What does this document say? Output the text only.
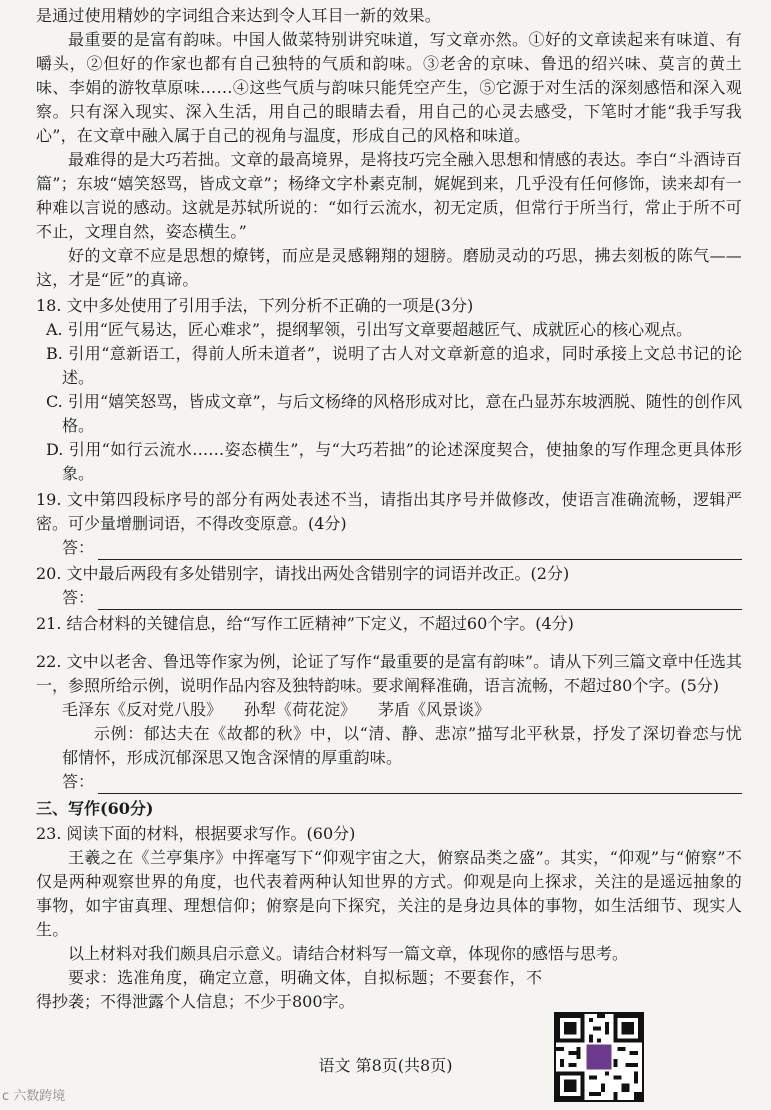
是通过使用精妙的字词组合来达到令人耳目一新的效果。

最重要的是富有韵味。中国人做菜特别讲究味道，写文章亦然。①好的文章读起来有味道、有嚼头，②但好的作家也都有自己独特的气质和韵味。③老舍的京味、鲁迅的绍兴味、莫言的黄土味、李娟的游牧草原味……④这些气质与韵味只能凭空产生，⑤它源于对生活的深刻感悟和深入观察。只有深入现实、深入生活，用自己的眼睛去看，用自己的心灵去感受，下笔时才能“我手写我心”，在文章中融入属于自己的视角与温度，形成自己的风格和味道。

最难得的是大巧若拙。文章的最高境界，是将技巧完全融入思想和情感的表达。李白“斗酒诗百篇”；东坡“嬉笑怒骂，皆成文章”；杨绛文字朴素克制，娓娓到来，几乎没有任何修饰，读来却有一种难以言说的感动。这就是苏轼所说的：“如行云流水，初无定质，但常行于所当行，常止于所不可不止，文理自然，姿态横生。”

好的文章不应是思想的燎铐，而应是灵感翱翔的翅膀。磨励灵动的巧思，拂去刻板的陈气——这，才是“匠”的真谛。

18. 文中多处使用了引用手法，下列分析不正确的一项是(3分)

A. 引用“匠气易达，匠心难求”，提纲挈领，引出写文章要超越匠气、成就匠心的核心观点。

B. 引用“意新语工，得前人所未道者”，说明了古人对文章新意的追求，同时承接上文总书记的论述。

C. 引用“嬉笑怒骂，皆成文章”，与后文杨绛的风格形成对比，意在凸显苏东坡洒脱、随性的创作风格。

D. 引用“如行云流水……姿态横生”，与“大巧若拙”的论述深度契合，使抽象的写作理念更具体形象。

19. 文中第四段标序号的部分有两处表述不当，请指出其序号并做修改，使语言准确流畅，逻辑严密。可少量增删词语，不得改变原意。(4分)

答：

20. 文中最后两段有多处错别字，请找出两处含错别字的词语并改正。(2分)

答：

21. 结合材料的关键信息，给“写作工匠精神”下定义，不超过60个字。(4分)

22. 文中以老舍、鲁迅等作家为例，论证了写作“最重要的是富有韵味”。请从下列三篇文章中任选其一，参照所给示例，说明作品内容及独特韵味。要求阐释准确，语言流畅，不超过80个字。(5分)

毛泽东《反对党八股》 孙犁《荷花淀》 茅盾《风景谈》

示例：郁达夫在《故都的秋》中，以“清、静、悲凉”描写北平秋景，抒发了深切眷恋与忧郁情怀，形成沉郁深思又饱含深情的厚重韵味。

答：

三、写作(60分)

23. 阅读下面的材料，根据要求写作。(60分)

王羲之在《兰亭集序》中挥毫写下“仰观宇宙之大，俯察品类之盛”。其实，“仰观”与“俯察”不仅是两种观察世界的角度，也代表着两种认知世界的方式。仰观是向上探求，关注的是遥远抽象的事物，如宇宙真理、理想信仰；俯察是向下探究，关注的是身边具体的事物，如生活细节、现实人生。

以上材料对我们颇具启示意义。请结合材料写一篇文章，体现你的感悟与思考。

要求：选准角度，确定立意，明确文体，自拟标题；不要套作，不得抄袭；不得泄露个人信息；不少于800字。

语文 第8页(共8页)
c 六数跨境
